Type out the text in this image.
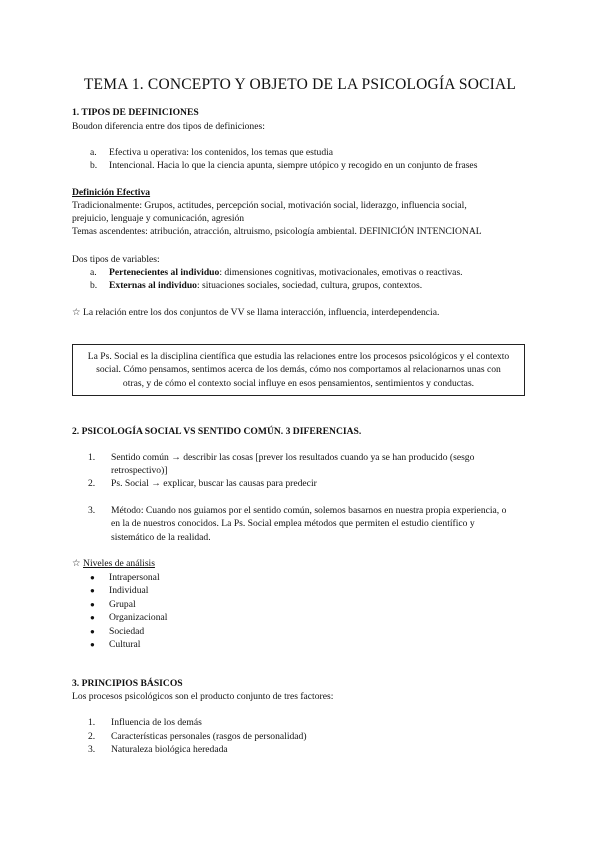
TEMA 1. CONCEPTO Y OBJETO DE LA PSICOLOGÍA SOCIAL
1. TIPOS DE DEFINICIONES
Boudon diferencia entre dos tipos de definiciones:
a.	Efectiva u operativa: los contenidos, los temas que estudia
b.	Intencional. Hacia lo que la ciencia apunta, siempre utópico y recogido en un conjunto de frases
Definición Efectiva
Tradicionalmente: Grupos, actitudes, percepción social, motivación social, liderazgo, influencia social,
prejuicio, lenguaje y comunicación, agresión
Temas ascendentes: atribución, atracción, altruismo, psicología ambiental. DEFINICIÓN INTENCIONAL
Dos tipos de variables:
a.	Pertenecientes al individuo: dimensiones cognitivas, motivacionales, emotivas o reactivas.
b.	Externas al individuo: situaciones sociales, sociedad, cultura, grupos, contextos.
☆ La relación entre los dos conjuntos de VV se llama interacción, influencia, interdependencia.
La Ps. Social es la disciplina científica que estudia las relaciones entre los procesos psicológicos y el contexto
social. Cómo pensamos, sentimos acerca de los demás, cómo nos comportamos al relacionarnos unas con
otras, y de cómo el contexto social influye en esos pensamientos, sentimientos y conductas.
2. PSICOLOGÍA SOCIAL VS SENTIDO COMÚN. 3 DIFERENCIAS.
1.	Sentido común → describir las cosas [prever los resultados cuando ya se han producido (sesgo
retrospectivo)]
2.	Ps. Social → explicar, buscar las causas para predecir
3.	Método: Cuando nos guiamos por el sentido común, solemos basarnos en nuestra propia experiencia, o
en la de nuestros conocidos. La Ps. Social emplea métodos que permiten el estudio científico y
sistemático de la realidad.
☆ Niveles de análisis
●	Intrapersonal
●	Individual
●	Grupal
●	Organizacional
●	Sociedad
●	Cultural
3. PRINCIPIOS BÁSICOS
Los procesos psicológicos son el producto conjunto de tres factores:
1.	Influencia de los demás
2.	Características personales (rasgos de personalidad)
3.	Naturaleza biológica heredada
